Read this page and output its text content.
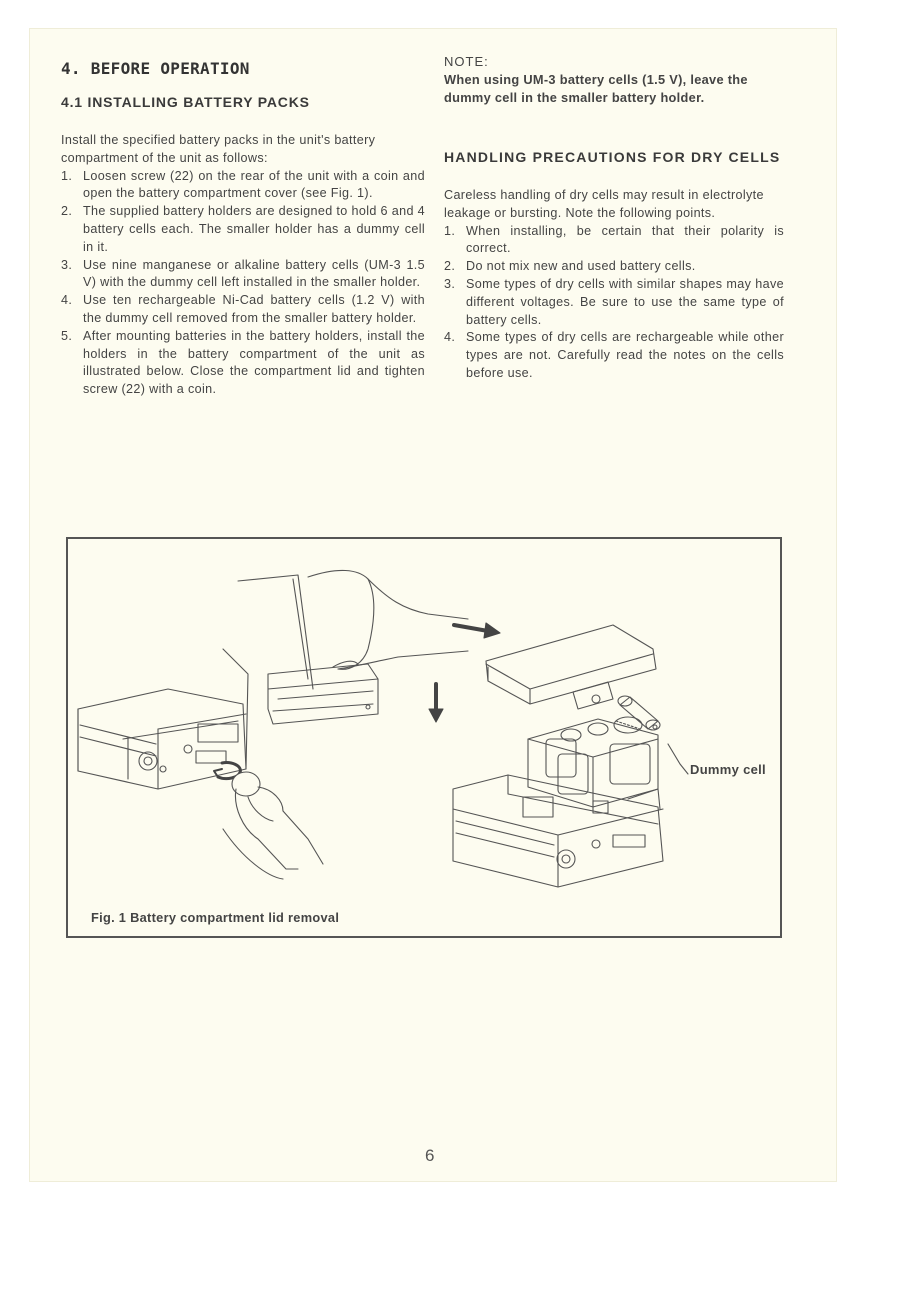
4. BEFORE OPERATION
4.1 INSTALLING BATTERY PACKS

Install the specified battery packs in the unit's battery compartment of the unit as follows:

1. Loosen screw (22) on the rear of the unit with a coin and open the battery compartment cover (see Fig. 1).
2. The supplied battery holders are designed to hold 6 and 4 battery cells each. The smaller holder has a dummy cell in it.
3. Use nine manganese or alkaline battery cells (UM-3 1.5 V) with the dummy cell left installed in the smaller holder.
4. Use ten rechargeable Ni-Cad battery cells (1.2 V) with the dummy cell removed from the smaller battery holder.
5. After mounting batteries in the battery holders, install the holders in the battery compartment of the unit as illustrated below. Close the compartment lid and tighten screw (22) with a coin.
NOTE:

When using UM-3 battery cells (1.5 V), leave the dummy cell in the smaller battery holder.

HANDLING PRECAUTIONS FOR DRY CELLS

Careless handling of dry cells may result in electrolyte leakage or bursting. Note the following points.

1. When installing, be certain that their polarity is correct.
2. Do not mix new and used battery cells.
3. Some types of dry cells with similar shapes may have different voltages. Be sure to use the same type of battery cells.
4. Some types of dry cells are rechargeable while other types are not. Carefully read the notes on the cells before use.
Dummy cell
Fig. 1 Battery compartment lid removal
6
